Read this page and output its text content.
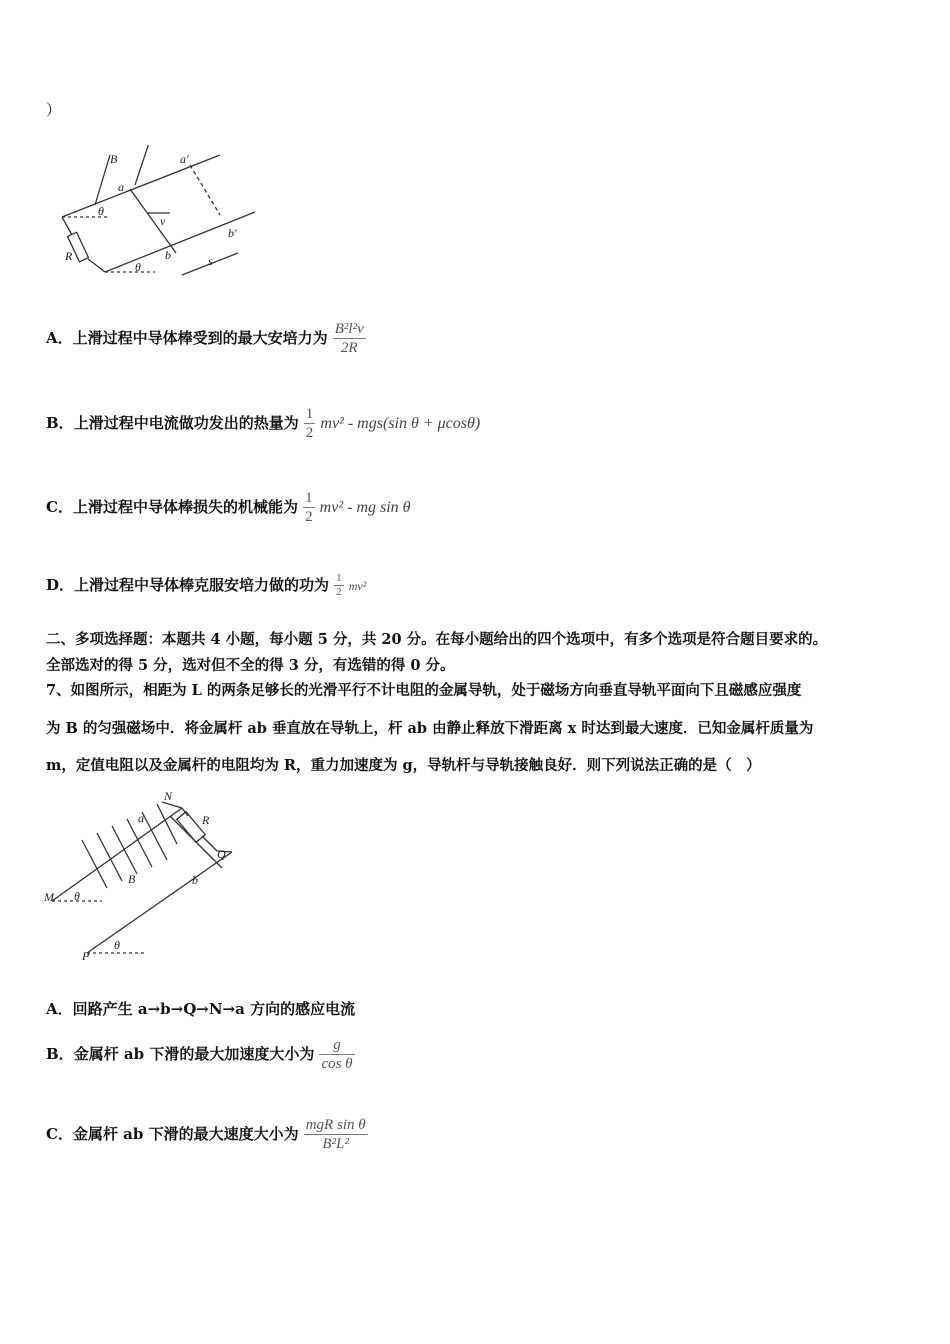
）
B	a′
a
θ
v
R
b′
θ
b	s
A．上滑过程中导体棒受到的最大安培力为 $\frac{\text{B²l²v}}{2R}$
B．上滑过程中电流做功发出的热量为 $\frac{1}{2} mv^2 - mgs(\sin$ θ + μcosθ)
C．上滑过程中导体棒损失的机械能为 $\frac{1}{2} mv^2$ - mg sin θ
D．上滑过程中导体棒克服安培力做的功为 $\frac{1}{2} mv^2$
二、多项选择题：本题共 4 小题，每小题 5 分，共 20 分。在每小题给出的四个选项中，有多个选项是符合题目要求的。
全部选对的得 5 分，选对但不全的得 3 分，有选错的得 0 分。
7、如图所示，相距为 L 的两条足够长的光滑平行不计电阻的金属导轨，处于磁场方向垂直导轨平面向下且磁感应强度
为 B 的匀强磁场中．将金属杆 ab 垂直放在导轨上，杆 ab 由静止释放下滑距离 x 时达到最大速度．已知金属杆质量为
m，定值电阻以及金属杆的电阻均为 R，重力加速度为 g，导轨杆与导轨接触良好．则下列说法正确的是（　）
N
a	R
Q
B	b
M θ
P
θ
A．回路产生 a→b→Q→N→a 方向的感应电流
B．金属杆 ab 下滑的最大加速度大小为 $\frac{g}{\text{cos θ}}$
C．金属杆 ab 下滑的最大速度大小为 $\frac{\text{mgR sin θ}}{\text{B²L²}}$
